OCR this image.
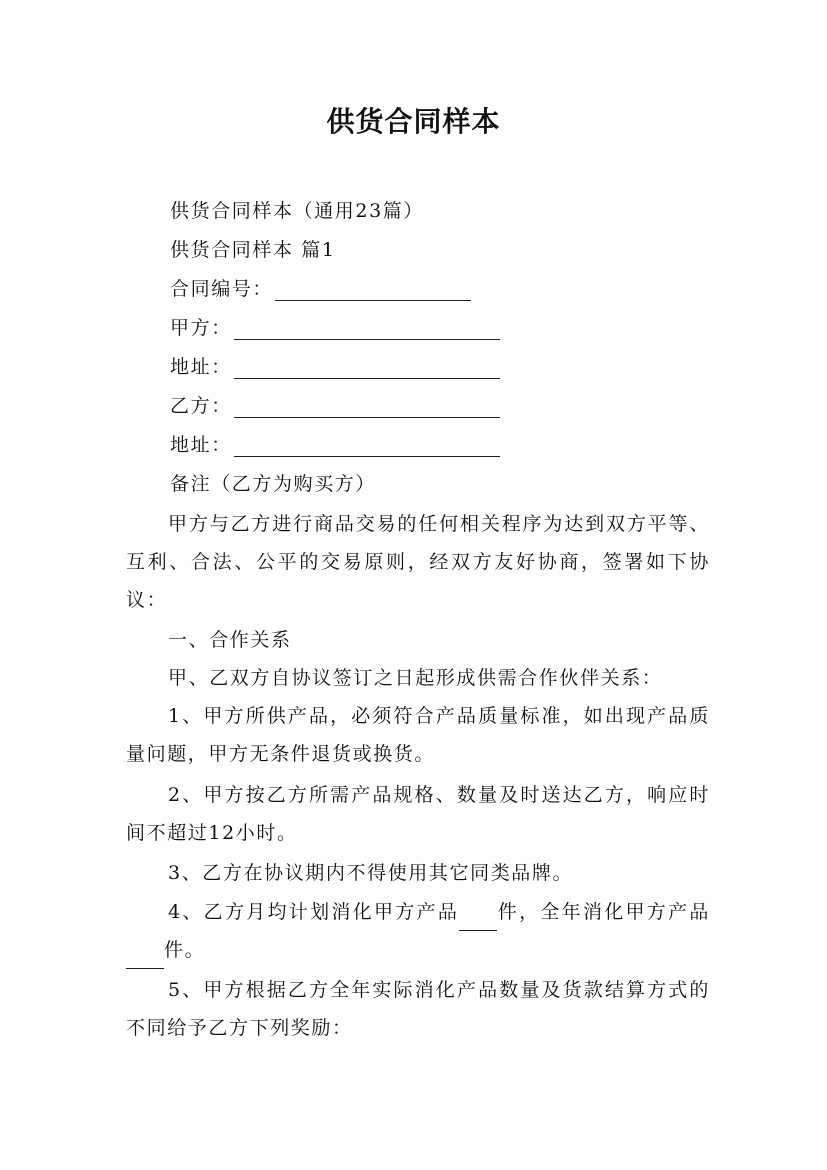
供货合同样本
供货合同样本（通用23篇）
供货合同样本 篇1
合同编号：
甲方：
地址：
乙方：
地址：
备注（乙方为购买方）
甲方与乙方进行商品交易的任何相关程序为达到双方平等、互利、合法、公平的交易原则，经双方友好协商，签署如下协议：
一、合作关系
甲、乙双方自协议签订之日起形成供需合作伙伴关系：
1、甲方所供产品，必须符合产品质量标准，如出现产品质量问题，甲方无条件退货或换货。
2、甲方按乙方所需产品规格、数量及时送达乙方，响应时间不超过12小时。
3、乙方在协议期内不得使用其它同类品牌。
4、乙方月均计划消化甲方产品 件，全年消化甲方产品件。
5、甲方根据乙方全年实际消化产品数量及货款结算方式的不同给予乙方下列奖励：
